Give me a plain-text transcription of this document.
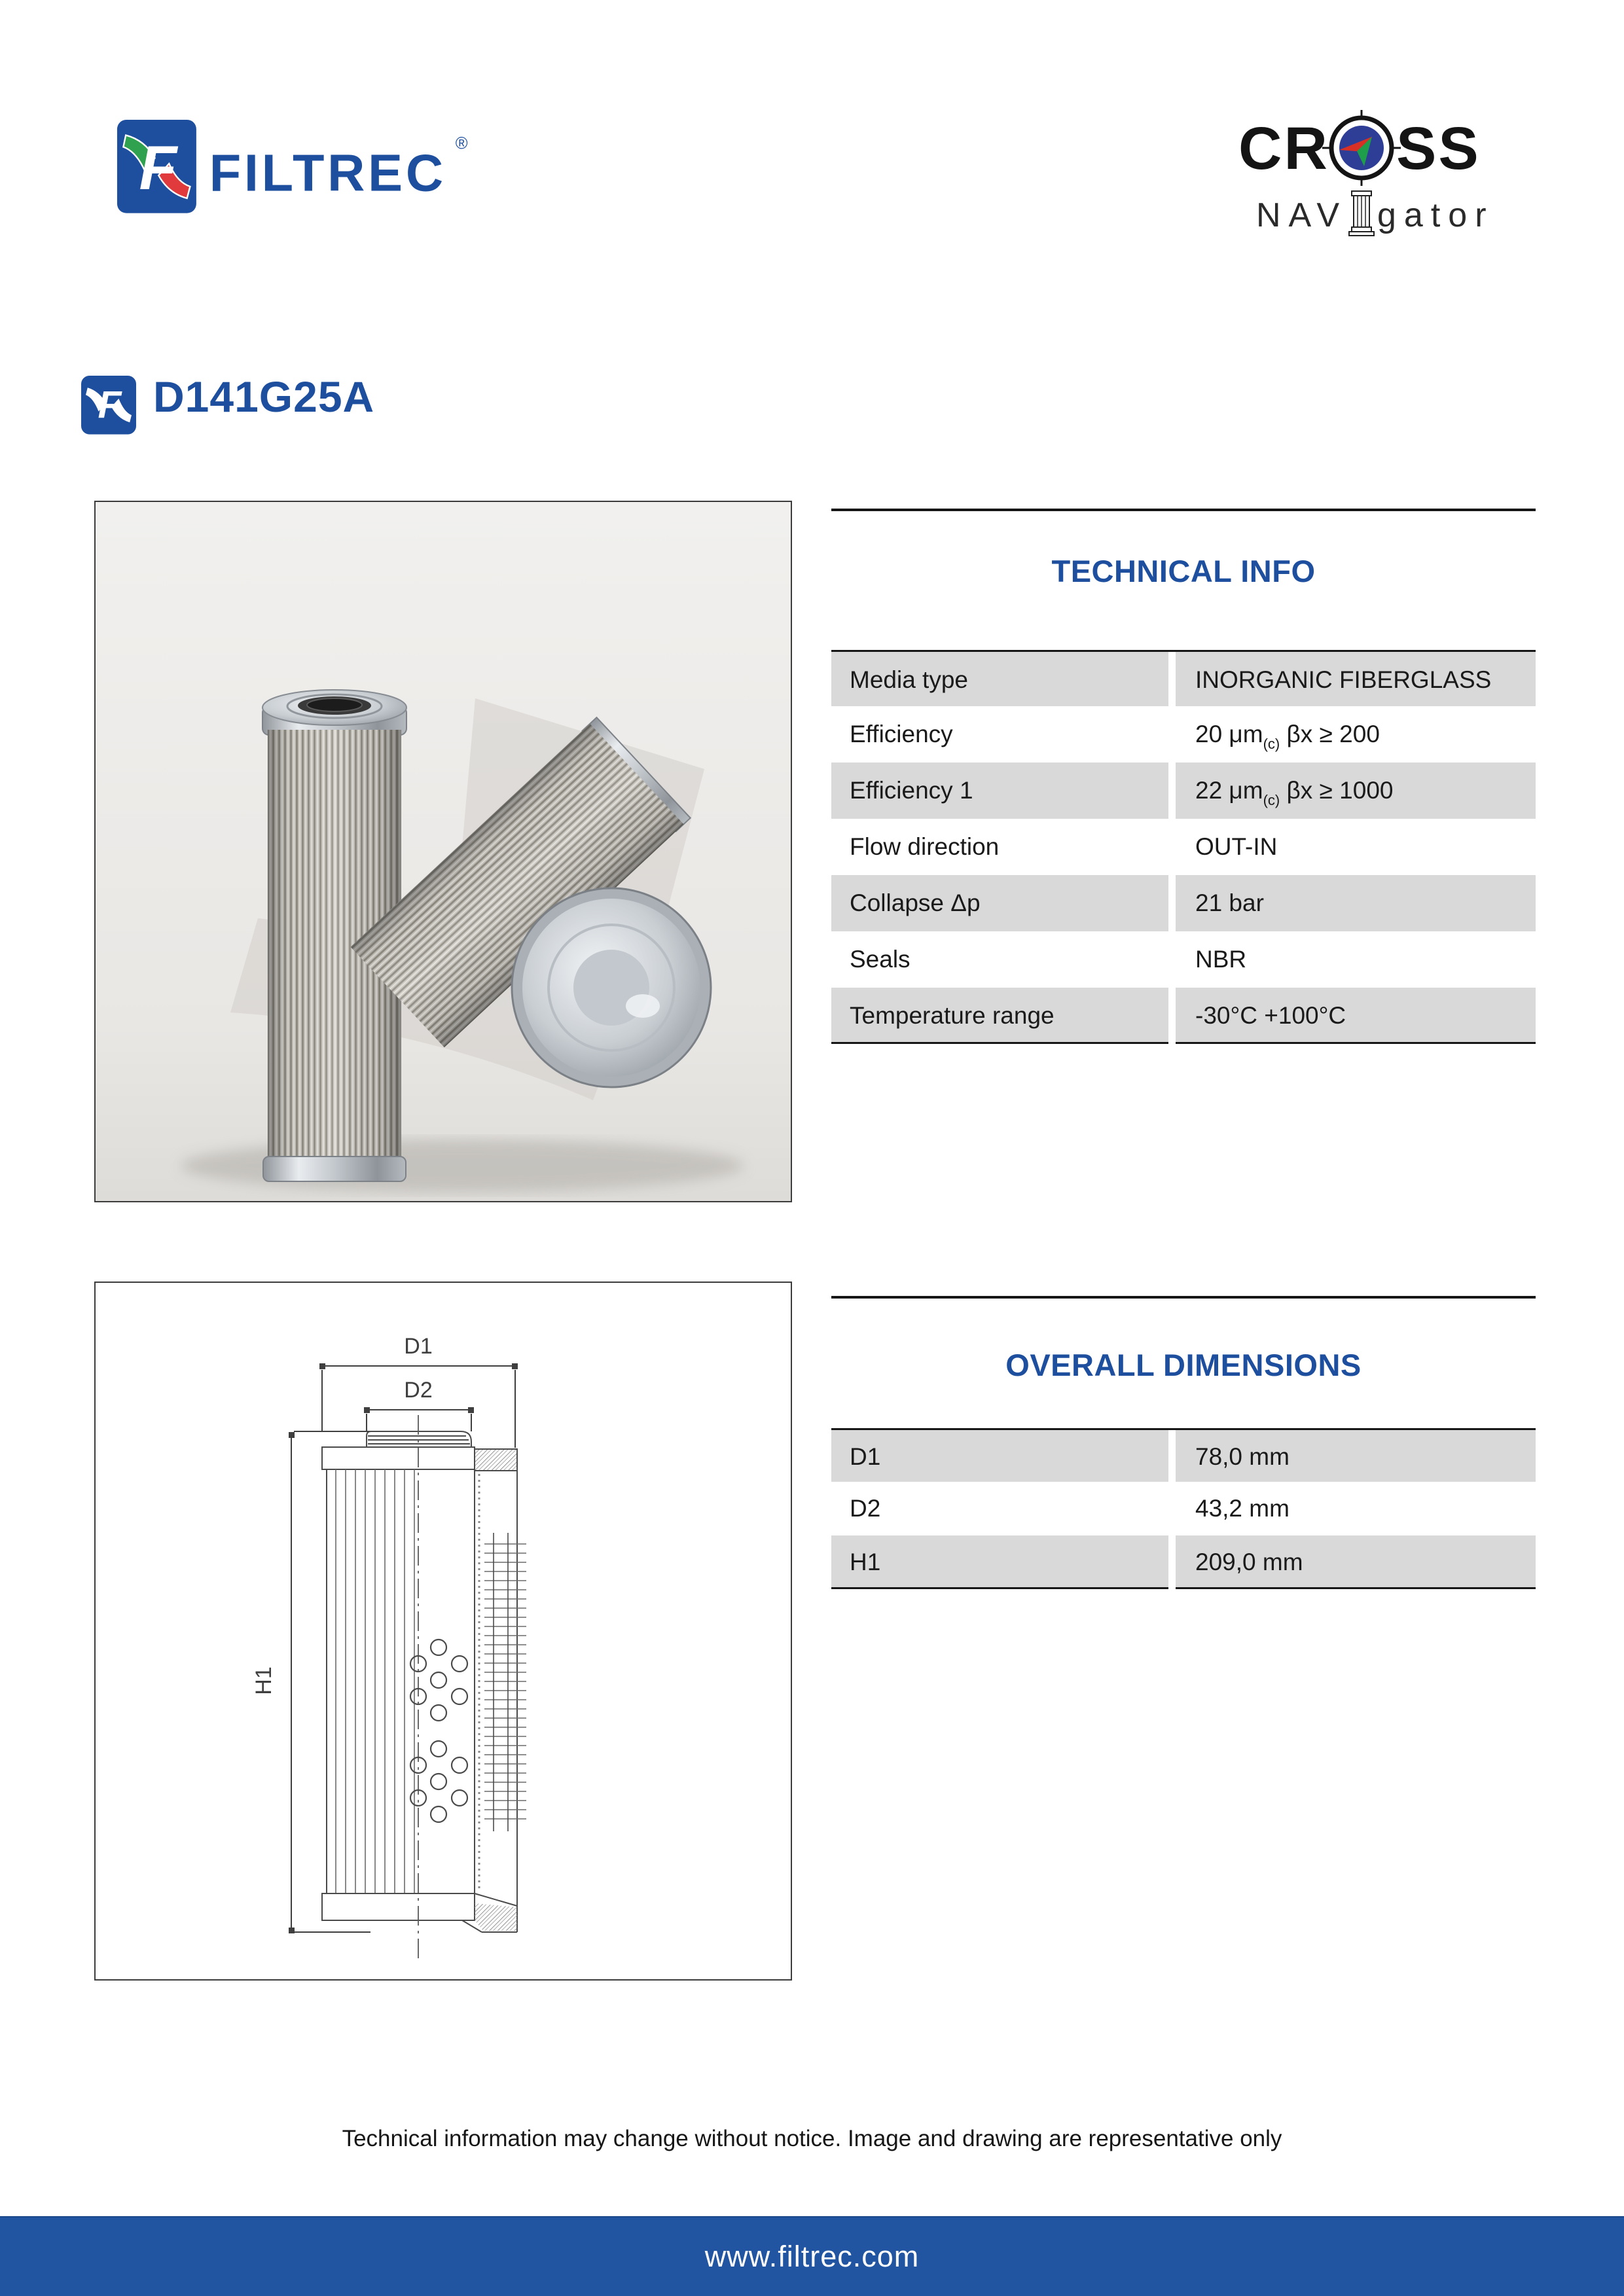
F FILTREC
®	CR SS
NAV gator
F D141G25A
TECHNICAL INFO
Media type	INORGANIC FIBERGLASS
Efficiency	20 $\mu m_{(c)}$ βx ≥ 200
Efficiency 1	22 $\mu m_{(c)}$ βx ≥ 1000
Flow direction	OUT-IN
Collapse Δp	21 bar
Seals	NBR
Temperature range	-30°C +100°C
D1
D2
H1
OVERALL DIMENSIONS
D1	78,0 mm
D2	43,2 mm
H1	209,0 mm
Technical information may change without notice. Image and drawing are representative only
www.filtrec.com
